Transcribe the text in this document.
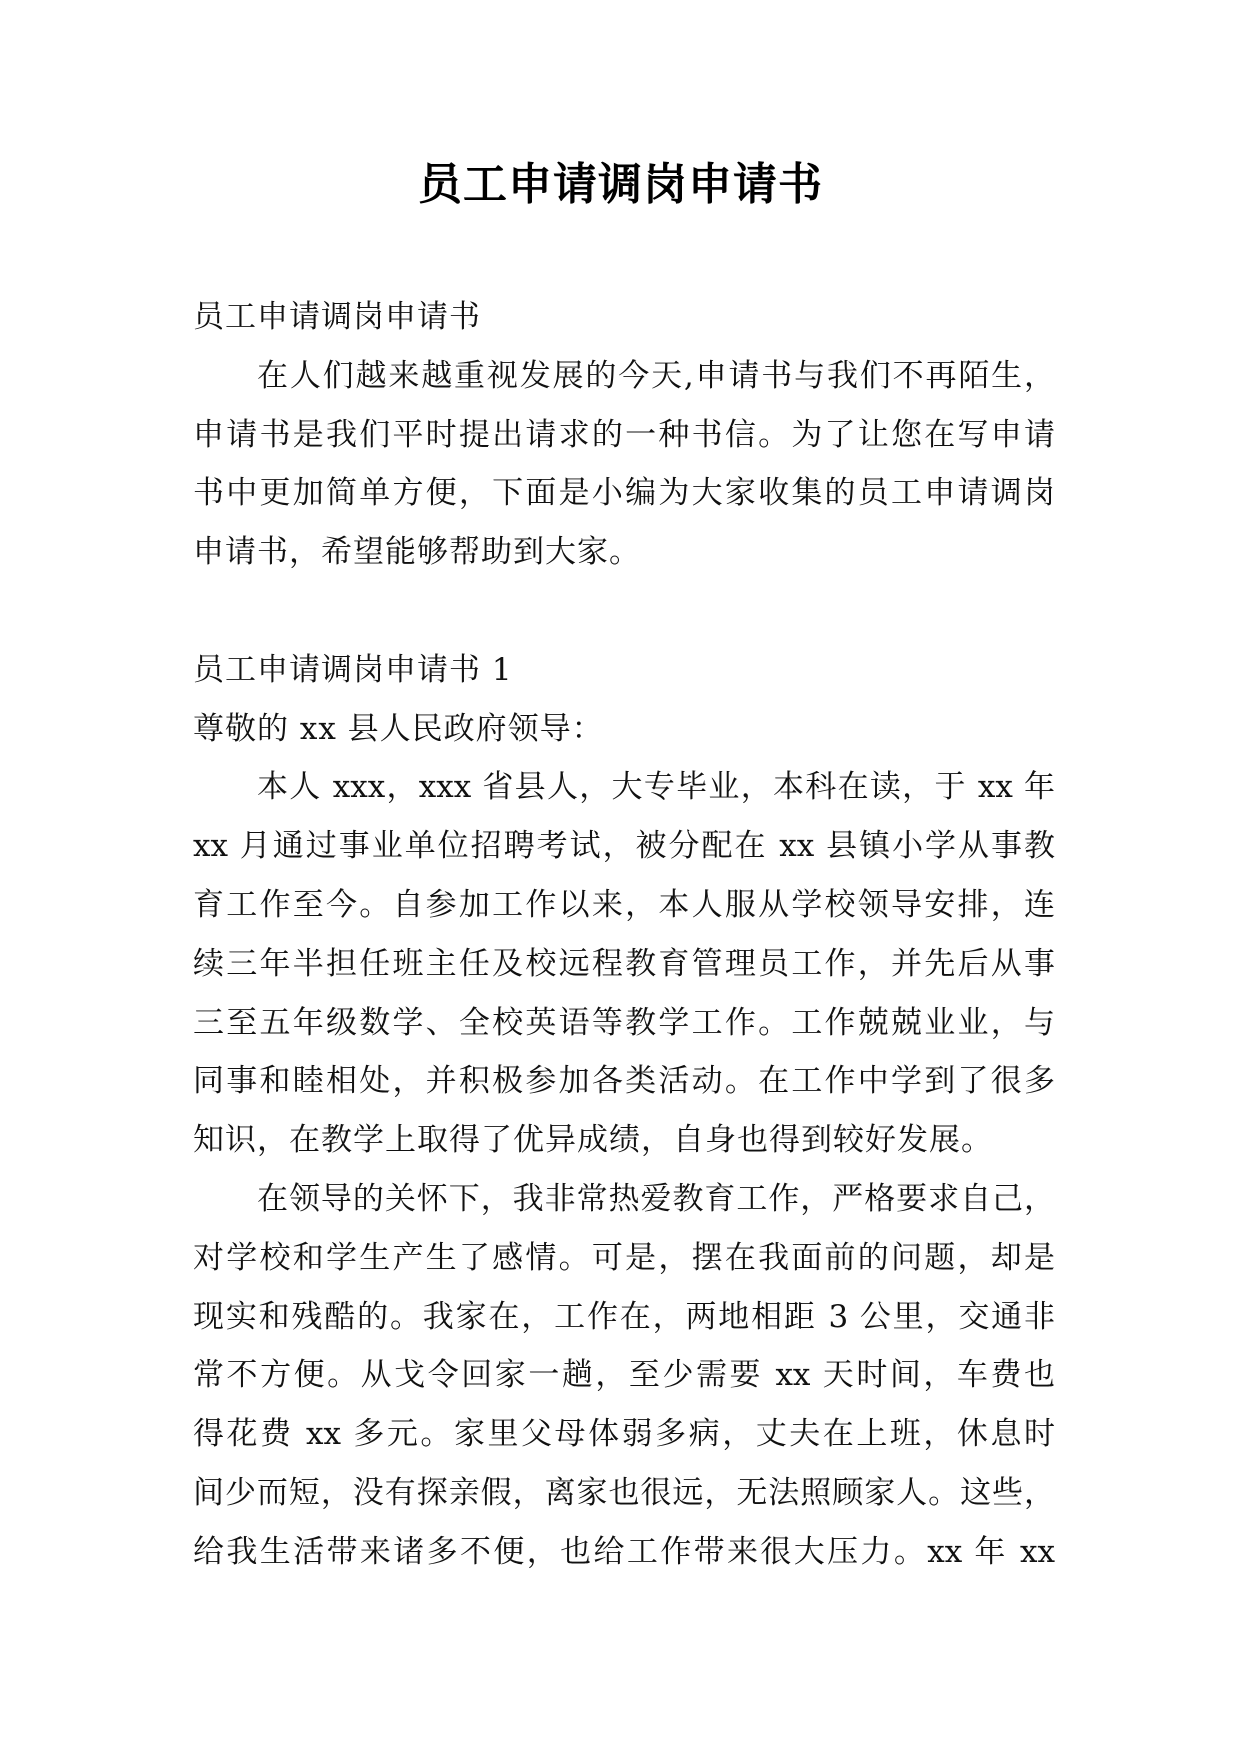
员工申请调岗申请书
员工申请调岗申请书
在人们越来越重视发展的今天,申请书与我们不再陌生，
申请书是我们平时提出请求的一种书信。为了让您在写申请
书中更加简单方便，下面是小编为大家收集的员工申请调岗
申请书，希望能够帮助到大家。
员工申请调岗申请书 1
尊敬的 xx 县人民政府领导：
本人 xxx，xxx 省县人，大专毕业，本科在读，于 xx 年
xx 月通过事业单位招聘考试，被分配在 xx 县镇小学从事教
育工作至今。自参加工作以来，本人服从学校领导安排，连
续三年半担任班主任及校远程教育管理员工作，并先后从事
三至五年级数学、全校英语等教学工作。工作兢兢业业，与
同事和睦相处，并积极参加各类活动。在工作中学到了很多
知识，在教学上取得了优异成绩，自身也得到较好发展。
在领导的关怀下，我非常热爱教育工作，严格要求自己，
对学校和学生产生了感情。可是，摆在我面前的问题，却是
现实和残酷的。我家在，工作在，两地相距 3 公里，交通非
常不方便。从戈令回家一趟，至少需要 xx 天时间，车费也
得花费 xx 多元。家里父母体弱多病，丈夫在上班，休息时
间少而短，没有探亲假，离家也很远，无法照顾家人。这些，
给我生活带来诸多不便，也给工作带来很大压力。xx 年 xx
